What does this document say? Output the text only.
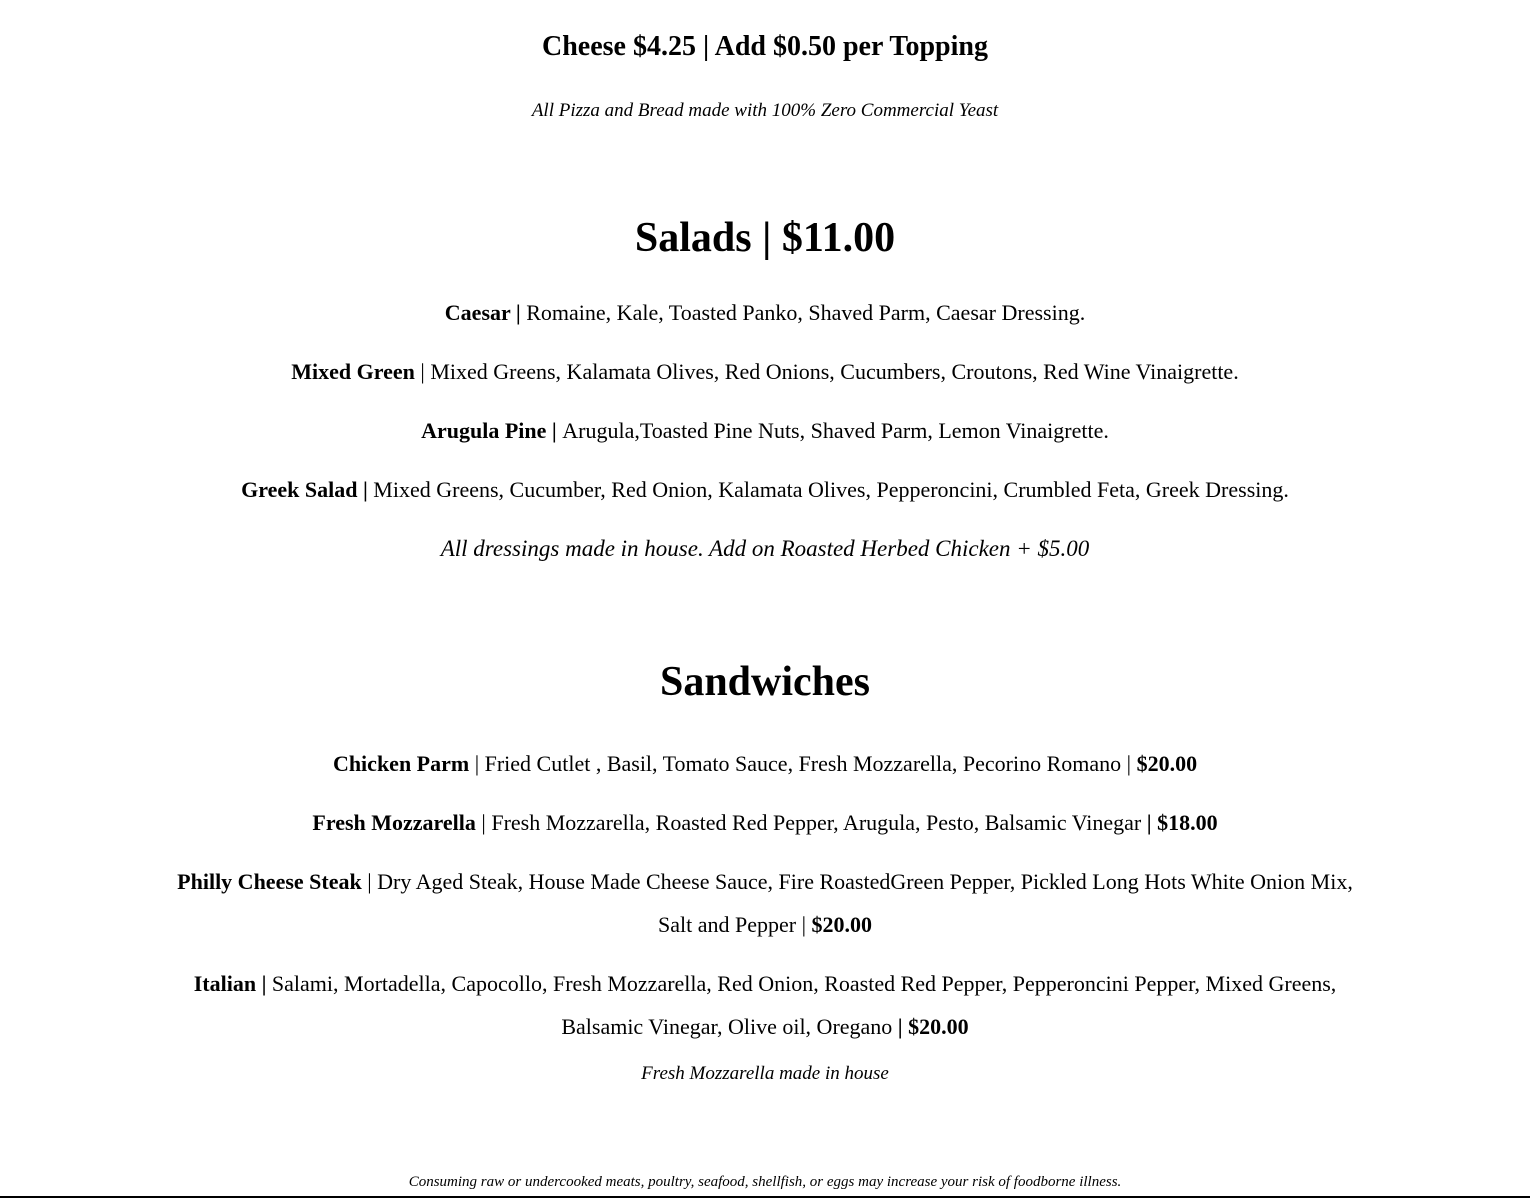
Cheese $4.25 | Add $0.50 per Topping
All Pizza and Bread made with 100% Zero Commercial Yeast
Salads | $11.00

Caesar | Romaine, Kale, Toasted Panko, Shaved Parm, Caesar Dressing.

Mixed Green | Mixed Greens, Kalamata Olives, Red Onions, Cucumbers, Croutons, Red Wine Vinaigrette.

Arugula Pine | Arugula,Toasted Pine Nuts, Shaved Parm, Lemon Vinaigrette.

Greek Salad | Mixed Greens, Cucumber, Red Onion, Kalamata Olives, Pepperoncini, Crumbled Feta, Greek Dressing.

All dressings made in house. Add on Roasted Herbed Chicken + $5.00

Sandwiches

Chicken Parm | Fried Cutlet , Basil, Tomato Sauce, Fresh Mozzarella, Pecorino Romano | $20.00

Fresh Mozzarella | Fresh Mozzarella, Roasted Red Pepper, Arugula, Pesto, Balsamic Vinegar | $18.00

Philly Cheese Steak | Dry Aged Steak, House Made Cheese Sauce, Fire RoastedGreen Pepper, Pickled Long Hots White Onion Mix, Salt and Pepper | $20.00

Italian | Salami, Mortadella, Capocollo, Fresh Mozzarella, Red Onion, Roasted Red Pepper, Pepperoncini Pepper, Mixed Greens, Balsamic Vinegar, Olive oil, Oregano | $20.00

Fresh Mozzarella made in house
Consuming raw or undercooked meats, poultry, seafood, shellfish, or eggs may increase your risk of foodborne illness.
